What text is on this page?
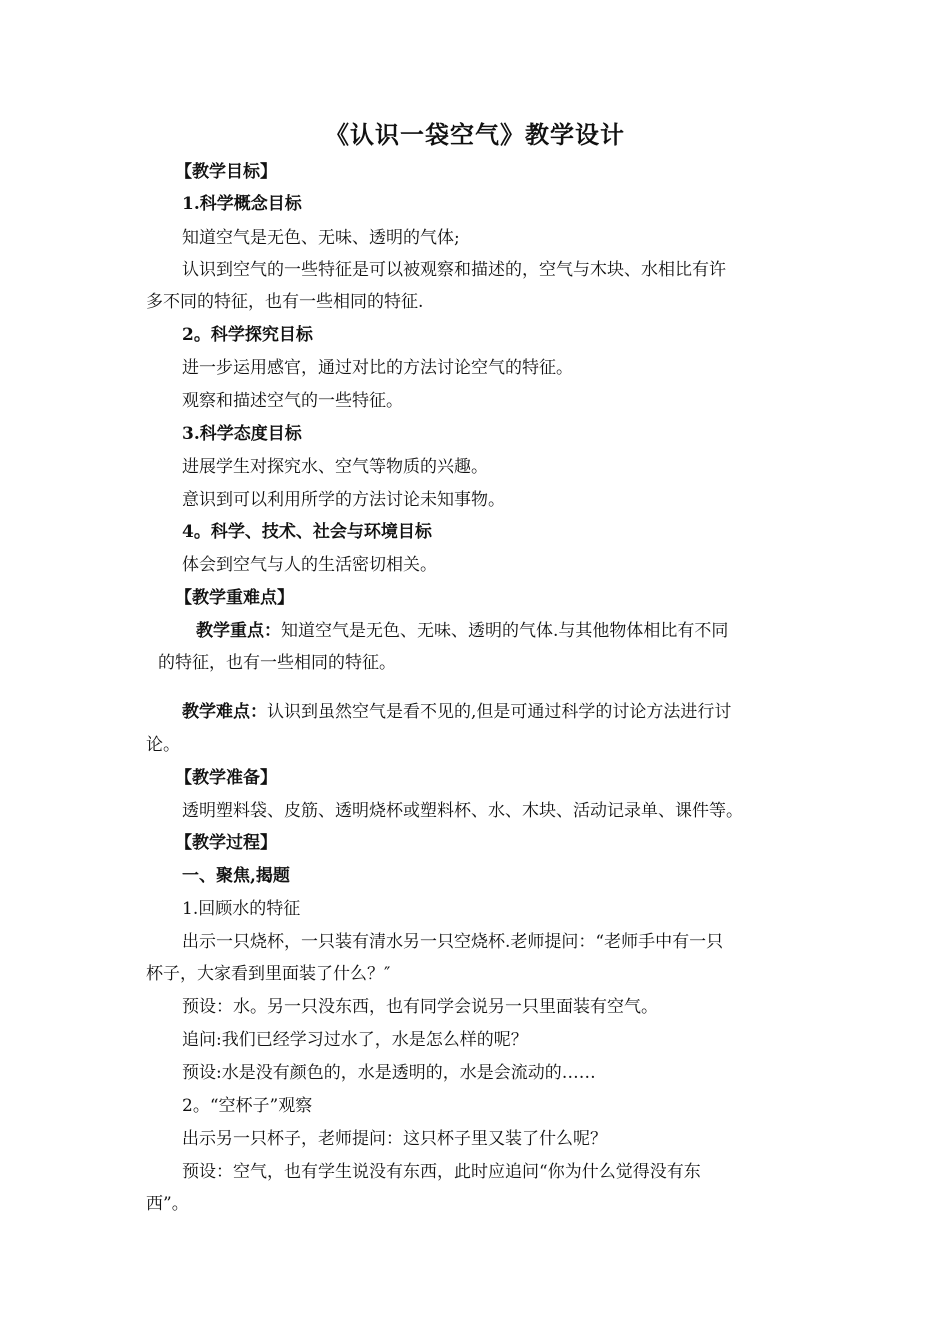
《认识一袋空气》教学设计
【教学目标】
1.科学概念目标
知道空气是无色、无味、透明的气体;
认识到空气的一些特征是可以被观察和描述的，空气与木块、水相比有许
多不同的特征，也有一些相同的特征.
2。科学探究目标
进一步运用感官，通过对比的方法讨论空气的特征。
观察和描述空气的一些特征。
3.科学态度目标
进展学生对探究水、空气等物质的兴趣。
意识到可以利用所学的方法讨论未知事物。
4。科学、技术、社会与环境目标
体会到空气与人的生活密切相关。
【教学重难点】
教学重点：知道空气是无色、无味、透明的气体.与其他物体相比有不同
的特征，也有一些相同的特征。
教学难点：认识到虽然空气是看不见的,但是可通过科学的讨论方法进行讨
论。
【教学准备】
透明塑料袋、皮筋、透明烧杯或塑料杯、水、木块、活动记录单、课件等。
【教学过程】
一、聚焦,揭题
1.回顾水的特征
出示一只烧杯，一只装有清水另一只空烧杯.老师提问：“老师手中有一只
杯子，大家看到里面装了什么？″
预设：水。另一只没东西，也有同学会说另一只里面装有空气。
追问:我们已经学习过水了，水是怎么样的呢？
预设:水是没有颜色的，水是透明的，水是会流动的……
2。“空杯子”观察
出示另一只杯子，老师提问：这只杯子里又装了什么呢？
预设：空气，也有学生说没有东西，此时应追问“你为什么觉得没有东
西”。
